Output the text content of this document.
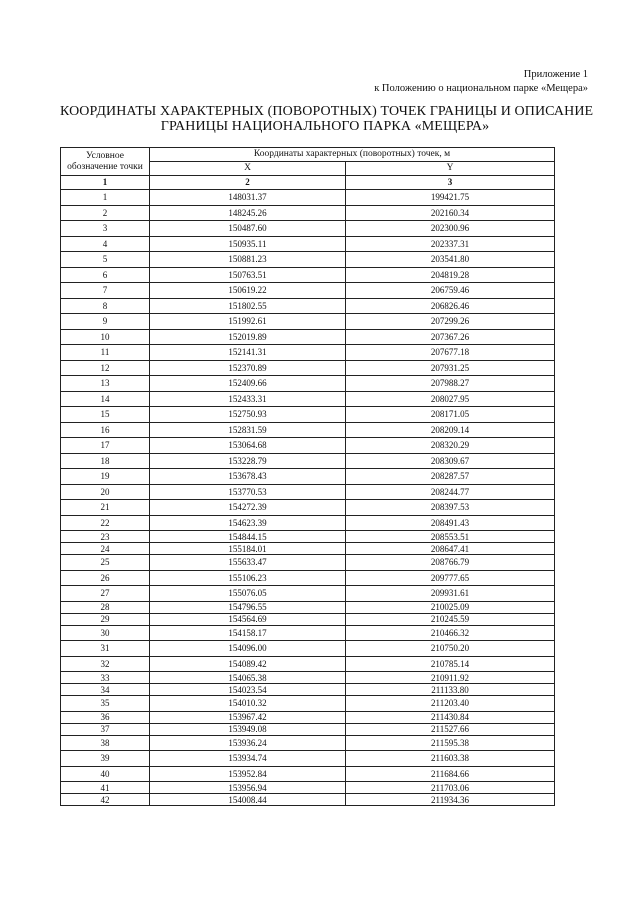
Приложение 1
к Положению о национальном парке «Мещера»
КООРДИНАТЫ ХАРАКТЕРНЫХ (ПОВОРОТНЫХ) ТОЧЕК ГРАНИЦЫ И ОПИСАНИЕ
ГРАНИЦЫ НАЦИОНАЛЬНОГО ПАРКА «МЕЩЕРА»
Условное обозначение точки	Координаты характерных (поворотных) точек, м	
	X	Y
1	2	3
1	148031.37	199421.75
2	148245.26	202160.34
3	150487.60	202300.96
4	150935.11	202337.31
5	150881.23	203541.80
6	150763.51	204819.28
7	150619.22	206759.46
8	151802.55	206826.46
9	151992.61	207299.26
10	152019.89	207367.26
11	152141.31	207677.18
12	152370.89	207931.25
13	152409.66	207988.27
14	152433.31	208027.95
15	152750.93	208171.05
16	152831.59	208209.14
17	153064.68	208320.29
18	153228.79	208309.67
19	153678.43	208287.57
20	153770.53	208244.77
21	154272.39	208397.53
22	154623.39	208491.43
23	154844.15	208553.51
24	155184.01	208647.41
25	155633.47	208766.79
26	155106.23	209777.65
27	155076.05	209931.61
28	154796.55	210025.09
29	154564.69	210245.59
30	154158.17	210466.32
31	154096.00	210750.20
32	154089.42	210785.14
33	154065.38	210911.92
34	154023.54	211133.80
35	154010.32	211203.40
36	153967.42	211430.84
37	153949.08	211527.66
38	153936.24	211595.38
39	153934.74	211603.38
40	153952.84	211684.66
41	153956.94	211703.06
42	154008.44	211934.36
